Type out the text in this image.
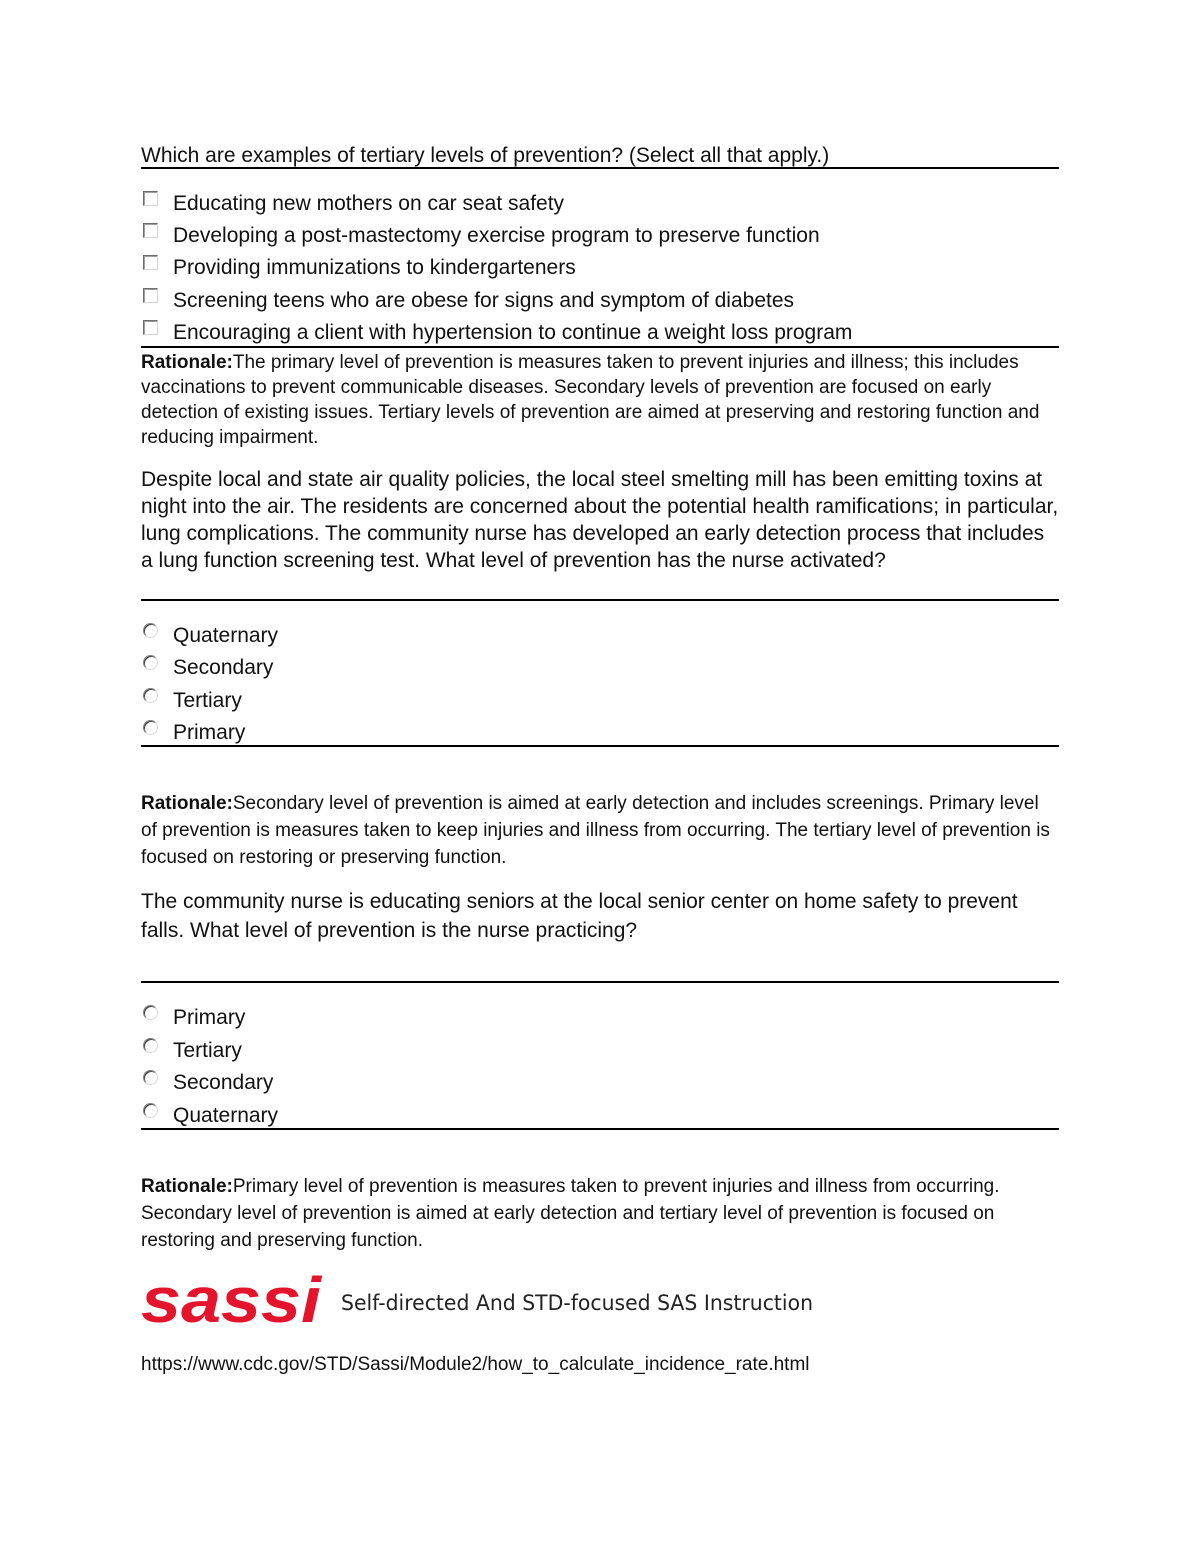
Which are examples of tertiary levels of prevention? (Select all that apply.)
Educating new mothers on car seat safety
Developing a post-mastectomy exercise program to preserve function
Providing immunizations to kindergarteners
Screening teens who are obese for signs and symptom of diabetes
Encouraging a client with hypertension to continue a weight loss program
Rationale:The primary level of prevention is measures taken to prevent injuries and illness; this includes vaccinations to prevent communicable diseases. Secondary levels of prevention are focused on early detection of existing issues. Tertiary levels of prevention are aimed at preserving and restoring function and reducing impairment.
Despite local and state air quality policies, the local steel smelting mill has been emitting toxins at night into the air. The residents are concerned about the potential health ramifications; in particular, lung complications. The community nurse has developed an early detection process that includes a lung function screening test. What level of prevention has the nurse activated?
Quaternary
Secondary
Tertiary
Primary
Rationale:Secondary level of prevention is aimed at early detection and includes screenings. Primary level of prevention is measures taken to keep injuries and illness from occurring. The tertiary level of prevention is focused on restoring or preserving function.
The community nurse is educating seniors at the local senior center on home safety to prevent falls. What level of prevention is the nurse practicing?
Primary
Tertiary
Secondary
Quaternary
Rationale:Primary level of prevention is measures taken to prevent injuries and illness from occurring. Secondary level of prevention is aimed at early detection and tertiary level of prevention is focused on restoring and preserving function.
sassi Self-directed And STD-focused SAS Instruction
https://www.cdc.gov/STD/Sassi/Module2/how_to_calculate_incidence_rate.html
